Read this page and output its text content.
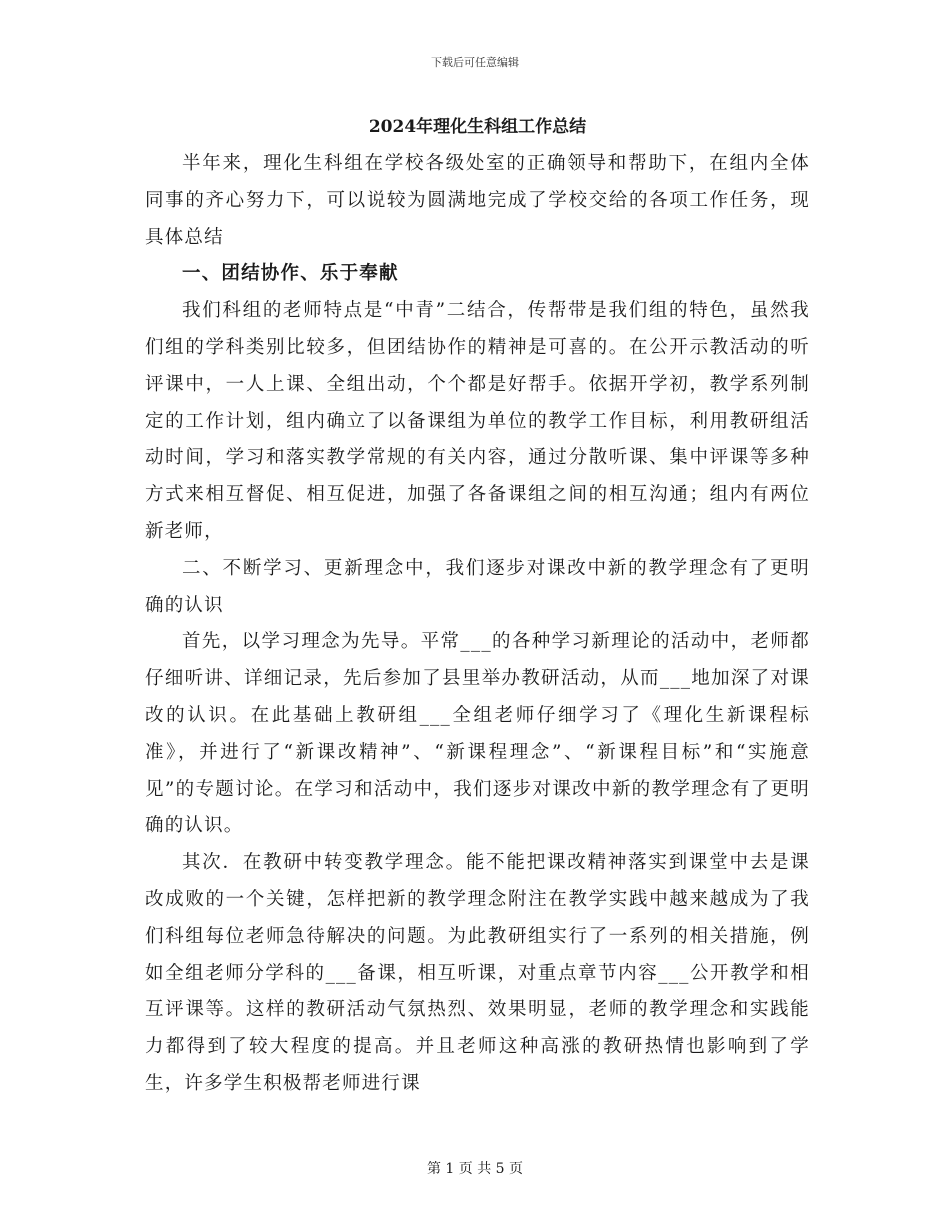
下载后可任意编辑
2024年理化生科组工作总结

半年来，理化生科组在学校各级处室的正确领导和帮助下，在组内全体同事的齐心努力下，可以说较为圆满地完成了学校交给的各项工作任务，现具体总结

一、团结协作、乐于奉献

我们科组的老师特点是“中青”二结合，传帮带是我们组的特色，虽然我们组的学科类别比较多，但团结协作的精神是可喜的。在公开示教活动的听评课中，一人上课、全组出动，个个都是好帮手。依据开学初，教学系列制定的工作计划，组内确立了以备课组为单位的教学工作目标，利用教研组活动时间，学习和落实教学常规的有关内容，通过分散听课、集中评课等多种方式来相互督促、相互促进，加强了各备课组之间的相互沟通；组内有两位新老师，

二、不断学习、更新理念中，我们逐步对课改中新的教学理念有了更明确的认识

首先，以学习理念为先导。平常___的各种学习新理论的活动中，老师都仔细听讲、详细记录，先后参加了县里举办教研活动，从而___地加深了对课改的认识。在此基础上教研组___全组老师仔细学习了《理化生新课程标准》，并进行了“新课改精神”、“新课程理念”、“新课程目标”和“实施意见”的专题讨论。在学习和活动中，我们逐步对课改中新的教学理念有了更明确的认识。

其次．在教研中转变教学理念。能不能把课改精神落实到课堂中去是课改成败的一个关键，怎样把新的教学理念附注在教学实践中越来越成为了我们科组每位老师急待解决的问题。为此教研组实行了一系列的相关措施，例如全组老师分学科的___备课，相互听课，对重点章节内容___公开教学和相互评课等。这样的教研活动气氛热烈、效果明显，老师的教学理念和实践能力都得到了较大程度的提高。并且老师这种高涨的教研热情也影响到了学生，许多学生积极帮老师进行课

第 1 页 共 5 页
